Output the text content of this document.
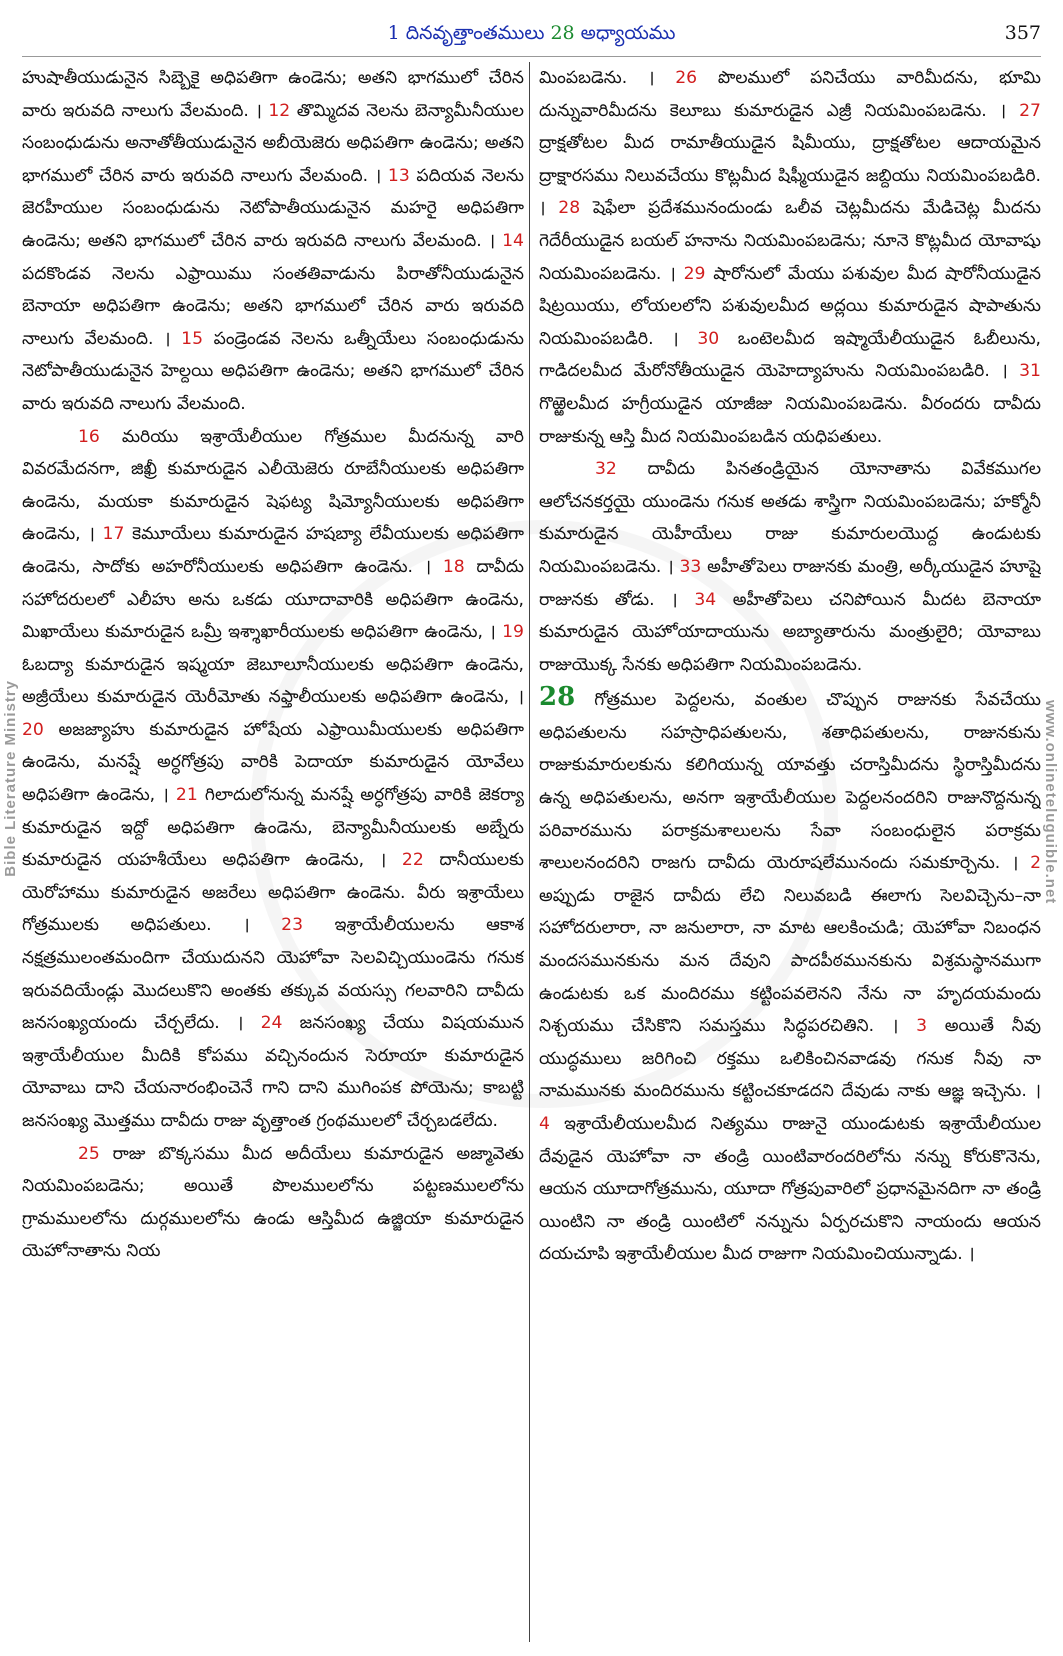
1 దినవృత్తాంతములు 28 అధ్యాయము	357
Bible Literature Ministry	www.onlineteluguible.net

హుషాతీయుడునైన సిబ్బెకై అధిపతిగా ఉండెను; అతని భాగములో చేరిన వారు ఇరువది నాలుగు వేలమంది. । 12 తొమ్మిదవ నెలను బెన్యామీనీయుల సంబంధుడును అనాతోతీయుడునైన అబీయెజెరు అధిపతిగా ఉండెను; అతని భాగములో చేరిన వారు ఇరువది నాలుగు వేలమంది. । 13 పదియవ నెలను జెరహీయుల సంబంధుడును నెటోపాతీయుడునైన మహరై అధిపతిగా ఉండెను; అతని భాగములో చేరిన వారు ఇరువది నాలుగు వేలమంది. । 14 పదకొండవ నెలను ఎఫ్రాయిము సంతతివాడును పిరాతోనీయుడునైన బెనాయా అధిపతిగా ఉండెను; అతని భాగములో చేరిన వారు ఇరువది నాలుగు వేలమంది. । 15 పండ్రెండవ నెలను ఒత్నీయేలు సంబంధుడును నెటోపాతీయుడునైన హెల్దయి అధిపతిగా ఉండెను; అతని భాగములో చేరిన వారు ఇరువది నాలుగు వేలమంది.

16 మరియు ఇశ్రాయేలీయుల గోత్రముల మీదనున్న వారి వివరమేదనగా, జిఖ్రీ కుమారుడైన ఎలీయెజెరు రూబేనీయులకు అధిపతిగా ఉండెను, మయకా కుమారుడైన షెఫట్య షిమ్యోనీయులకు అధిపతిగా ఉండెను, । 17 కెమూయేలు కుమారుడైన హషబ్యా లేవీయులకు అధిపతిగా ఉండెను, సాదోకు అహరోనీయులకు అధిపతిగా ఉండెను. । 18 దావీదు సహోదరులలో ఎలీహు అను ఒకడు యూదావారికి అధిపతిగా ఉండెను, మిఖాయేలు కుమారుడైన ఒమ్రీ ఇశ్శాఖారీయులకు అధిపతిగా ఉండెను, । 19 ఓబద్యా కుమారుడైన ఇష్మయా జెబూలూనీయులకు అధిపతిగా ఉండెను, అజ్రీయేలు కుమారుడైన యెరీమోతు నఫ్తాలీయులకు అధిపతిగా ఉండెను, । 20 అజజ్యాహు కుమారుడైన హోషేయ ఎఫ్రాయిమీయులకు అధిపతిగా ఉండెను, మనష్షే అర్ధగోత్రపు వారికి పెదాయా కుమారుడైన యోవేలు అధిపతిగా ఉండెను, । 21 గిలాదులోనున్న మనష్షే అర్ధగోత్రపు వారికి జెకర్యా కుమారుడైన ఇద్దో అధిపతిగా ఉండెను, బెన్యామీనీయులకు అబ్నేరు కుమారుడైన యహశీయేలు అధిపతిగా ఉండెను, । 22 దానీయులకు యెరోహాము కుమారుడైన అజరేలు అధిపతిగా ఉండెను. వీరు ఇశ్రాయేలు గోత్రములకు అధిపతులు. । 23 ఇశ్రాయేలీయులను ఆకాశ నక్షత్రములంతమందిగా చేయుదునని యెహోవా సెలవిచ్చియుండెను గనుక ఇరువదియేండ్లు మొదలుకొని అంతకు తక్కువ వయస్సు గలవారిని దావీదు జనసంఖ్యయందు చేర్చలేదు. । 24 జనసంఖ్య చేయు విషయమున ఇశ్రాయేలీయుల మీదికి కోపము వచ్చినందున సెరూయా కుమారుడైన యోవాబు దాని చేయనారంభించెనే గాని దాని ముగింపక పోయెను; కాబట్టి జనసంఖ్య మొత్తము దావీదు రాజు వృత్తాంత గ్రంథములలో చేర్చబడలేదు.

25 రాజు బొక్కసము మీద అదీయేలు కుమారుడైన అజ్మావెతు నియమింపబడెను; అయితే పొలములలోను పట్టణములలోను గ్రామములలోను దుర్గములలోను ఉండు ఆస్తిమీద ఉజ్జియా కుమారుడైన యెహోనాతాను నియ

మింపబడెను. । 26 పొలములో పనిచేయు వారిమీదను, భూమి దున్నువారిమీదను కెలూబు కుమారుడైన ఎజ్రీ నియమింపబడెను. । 27 ద్రాక్షతోటల మీద రామాతీయుడైన షిమీయు, ద్రాక్షతోటల ఆదాయమైన ద్రాక్షారసము నిలువచేయు కొట్లమీద షిఫ్మీయుడైన జబ్దియు నియమింపబడిరి. । 28 షెఫేలా ప్రదేశమునందుండు ఒలీవ చెట్లమీదను మేడిచెట్ల మీదను గెదేరీయుడైన బయల్ హనాను నియమింపబడెను; నూనె కొట్లమీద యోవాషు నియమింపబడెను. । 29 షారోనులో మేయు పశువుల మీద షారోనీయుడైన షిట్రయియు, లోయలలోని పశువులమీద అద్లయి కుమారుడైన షాపాతును నియమింపబడిరి. । 30 ఒంటెలమీద ఇష్మాయేలీయుడైన ఓబీలును, గాడిదలమీద మేరోనోతీయుడైన యెహెద్యాహును నియమింపబడిరి. । 31 గొఱ్ఱెలమీద హగ్రీయుడైన యాజీజు నియమింపబడెను. వీరందరు దావీదు రాజుకున్న ఆస్తి మీద నియమింపబడిన యధిపతులు.

32 దావీదు పినతండ్రియైన యోనాతాను వివేకముగల ఆలోచనకర్తయై యుండెను గనుక అతడు శాస్త్రిగా నియమింపబడెను; హక్మోనీ కుమారుడైన యెహీయేలు రాజు కుమారులయొద్ద ఉండుటకు నియమింపబడెను. । 33 అహీతోపెలు రాజునకు మంత్రి, అర్కీయుడైన హూషై రాజునకు తోడు. । 34 అహీతోపెలు చనిపోయిన మీదట బెనాయా కుమారుడైన యెహోయాదాయును అబ్యాతారును మంత్రులైరి; యోవాబు రాజుయొక్క సేనకు అధిపతిగా నియమింపబడెను.

28 గోత్రముల పెద్దలను, వంతుల చొప్పున రాజునకు సేవచేయు అధిపతులను సహస్రాధిపతులను, శతాధిపతులను, రాజునకును రాజుకుమారులకును కలిగియున్న యావత్తు చరాస్తిమీదను స్థిరాస్తిమీదను ఉన్న అధిపతులను, అనగా ఇశ్రాయేలీయుల పెద్దలనందరిని రాజునొద్దనున్న పరివారమును పరాక్రమశాలులను సేవా సంబంధులైన పరాక్రమ శాలులనందరిని రాజగు దావీదు యెరూషలేమునందు సమకూర్చెను. । 2 అప్పుడు రాజైన దావీదు లేచి నిలువబడి ఈలాగు సెలవిచ్చెను–నా సహోదరులారా, నా జనులారా, నా మాట ఆలకించుడి; యెహోవా నిబంధన మందసమునకును మన దేవుని పాదపీఠమునకును విశ్రమస్థానముగా ఉండుటకు ఒక మందిరము కట్టింపవలెనని నేను నా హృదయమందు నిశ్చయము చేసికొని సమస్తము సిద్ధపరచితిని. । 3 అయితే నీవు యుద్ధములు జరిగించి రక్తము ఒలికించినవాడవు గనుక నీవు నా నామమునకు మందిరమును కట్టించకూడదని దేవుడు నాకు ఆజ్ఞ ఇచ్చెను. । 4 ఇశ్రాయేలీయులమీద నిత్యము రాజునై యుండుటకు ఇశ్రాయేలీయుల దేవుడైన యెహోవా నా తండ్రి యింటివారందరిలోను నన్ను కోరుకొనెను, ఆయన యూదాగోత్రమును, యూదా గోత్రపువారిలో ప్రధానమైనదిగా నా తండ్రి యింటిని నా తండ్రి యింటిలో నన్నును ఏర్పరచుకొని నాయందు ఆయన దయచూపి ఇశ్రాయేలీయుల మీద రాజుగా నియమించియున్నాడు. ।
